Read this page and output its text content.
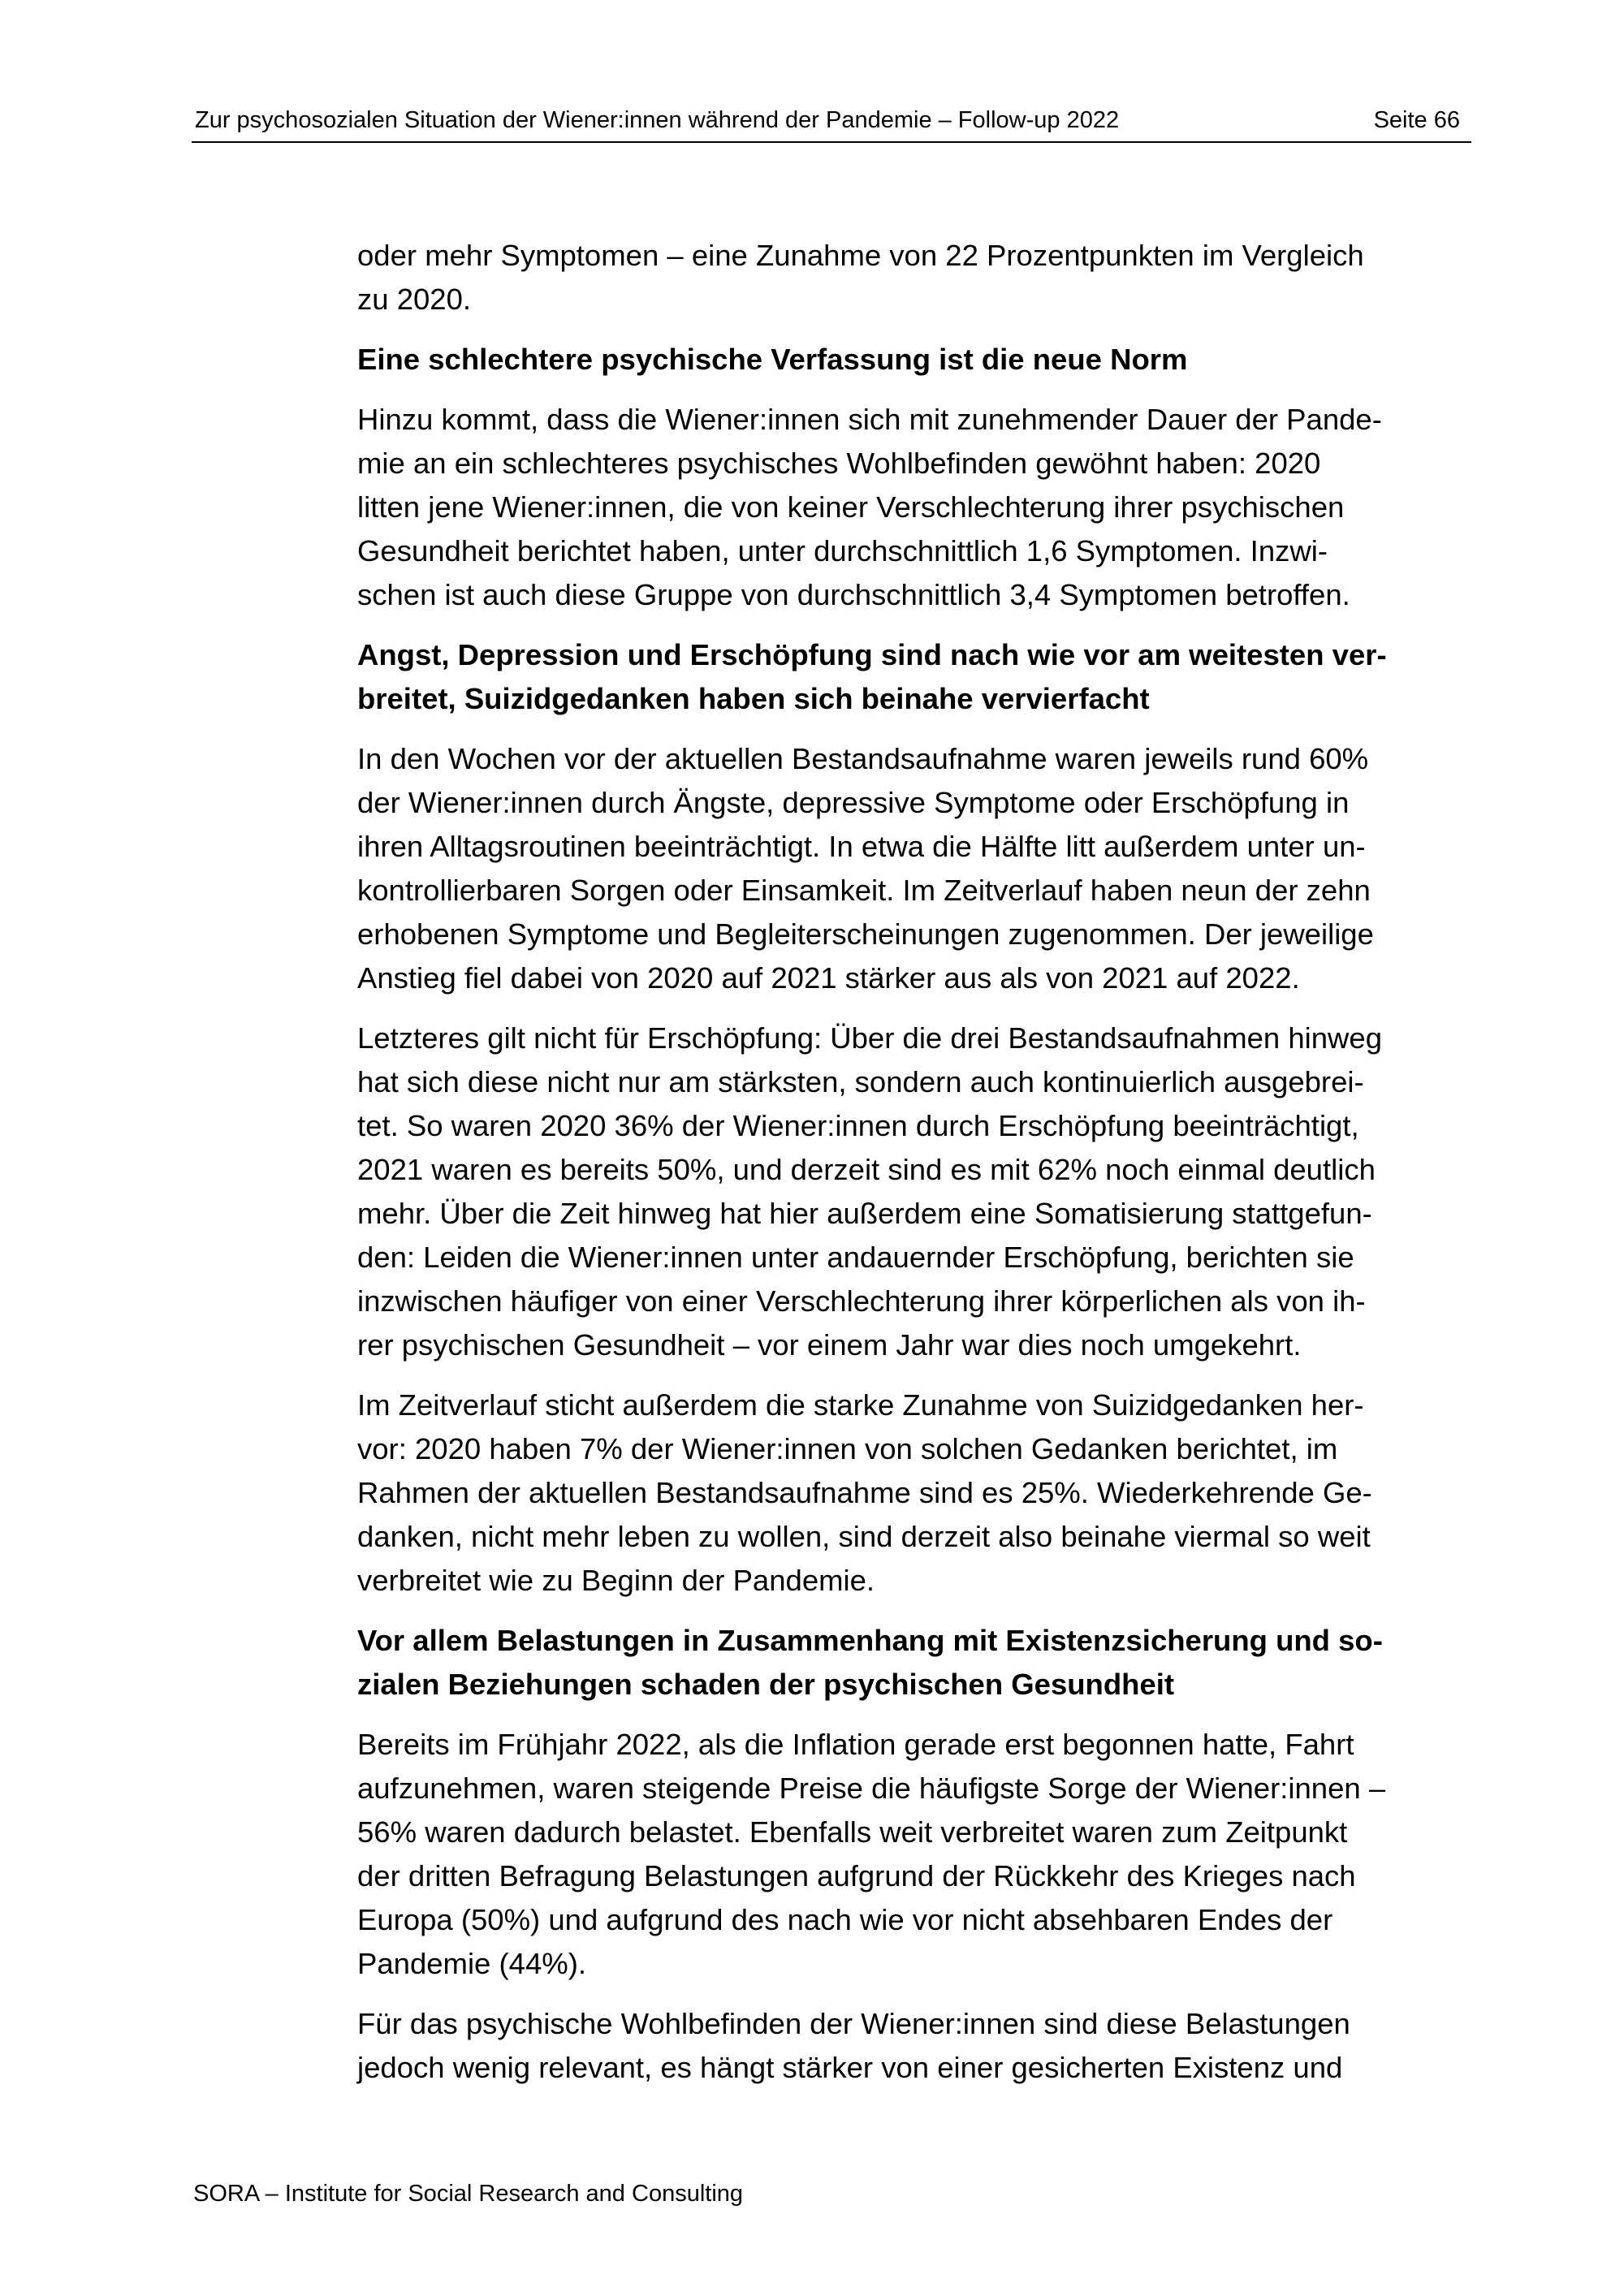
Zur psychosozialen Situation der Wiener:innen während der Pandemie – Follow-up 2022	Seite 66
oder mehr Symptomen – eine Zunahme von 22 Prozentpunkten im Vergleich
zu 2020.
Eine schlechtere psychische Verfassung ist die neue Norm
Hinzu kommt, dass die Wiener:innen sich mit zunehmender Dauer der Pande-
mie an ein schlechteres psychisches Wohlbefinden gewöhnt haben: 2020
litten jene Wiener:innen, die von keiner Verschlechterung ihrer psychischen
Gesundheit berichtet haben, unter durchschnittlich 1,6 Symptomen. Inzwi-
schen ist auch diese Gruppe von durchschnittlich 3,4 Symptomen betroffen.
Angst, Depression und Erschöpfung sind nach wie vor am weitesten ver-
breitet, Suizidgedanken haben sich beinahe vervierfacht
In den Wochen vor der aktuellen Bestandsaufnahme waren jeweils rund 60%
der Wiener:innen durch Ängste, depressive Symptome oder Erschöpfung in
ihren Alltagsroutinen beeinträchtigt. In etwa die Hälfte litt außerdem unter un-
kontrollierbaren Sorgen oder Einsamkeit. Im Zeitverlauf haben neun der zehn
erhobenen Symptome und Begleiterscheinungen zugenommen. Der jeweilige
Anstieg fiel dabei von 2020 auf 2021 stärker aus als von 2021 auf 2022.
Letzteres gilt nicht für Erschöpfung: Über die drei Bestandsaufnahmen hinweg
hat sich diese nicht nur am stärksten, sondern auch kontinuierlich ausgebrei-
tet. So waren 2020 36% der Wiener:innen durch Erschöpfung beeinträchtigt,
2021 waren es bereits 50%, und derzeit sind es mit 62% noch einmal deutlich
mehr. Über die Zeit hinweg hat hier außerdem eine Somatisierung stattgefun-
den: Leiden die Wiener:innen unter andauernder Erschöpfung, berichten sie
inzwischen häufiger von einer Verschlechterung ihrer körperlichen als von ih-
rer psychischen Gesundheit – vor einem Jahr war dies noch umgekehrt.
Im Zeitverlauf sticht außerdem die starke Zunahme von Suizidgedanken her-
vor: 2020 haben 7% der Wiener:innen von solchen Gedanken berichtet, im
Rahmen der aktuellen Bestandsaufnahme sind es 25%. Wiederkehrende Ge-
danken, nicht mehr leben zu wollen, sind derzeit also beinahe viermal so weit
verbreitet wie zu Beginn der Pandemie.
Vor allem Belastungen in Zusammenhang mit Existenzsicherung und so-
zialen Beziehungen schaden der psychischen Gesundheit
Bereits im Frühjahr 2022, als die Inflation gerade erst begonnen hatte, Fahrt
aufzunehmen, waren steigende Preise die häufigste Sorge der Wiener:innen –
56% waren dadurch belastet. Ebenfalls weit verbreitet waren zum Zeitpunkt
der dritten Befragung Belastungen aufgrund der Rückkehr des Krieges nach
Europa (50%) und aufgrund des nach wie vor nicht absehbaren Endes der
Pandemie (44%).
Für das psychische Wohlbefinden der Wiener:innen sind diese Belastungen
jedoch wenig relevant, es hängt stärker von einer gesicherten Existenz und
SORA – Institute for Social Research and Consulting
